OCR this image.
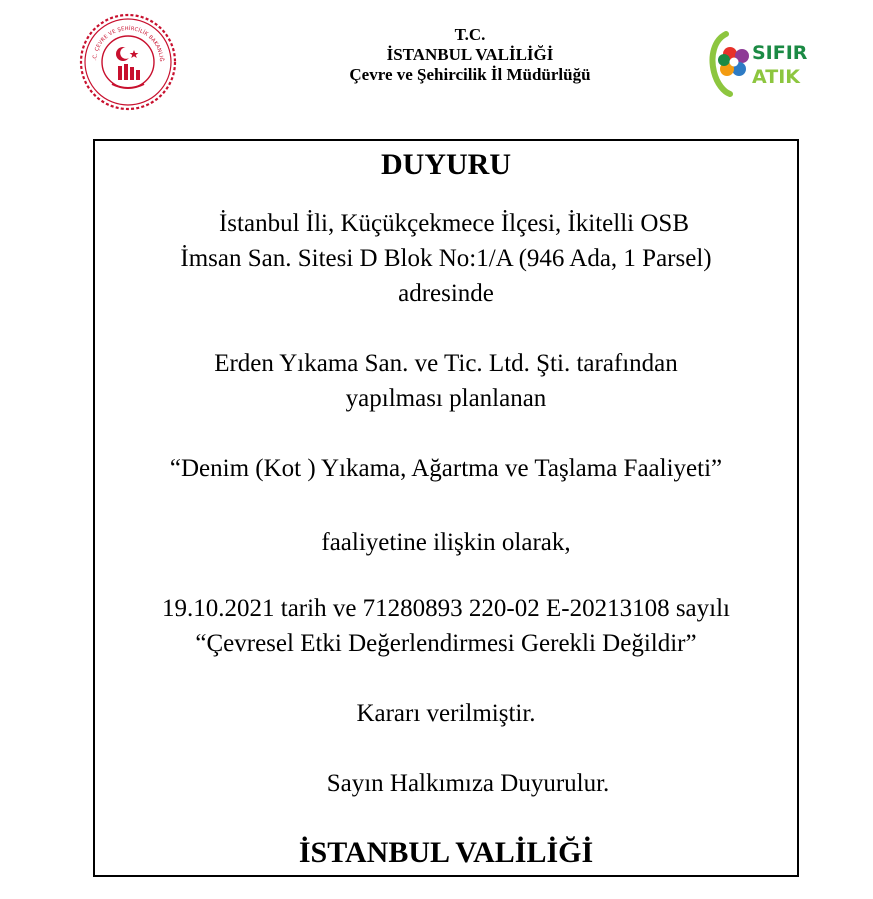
.C. ÇEVRE VE ŞEHİRCİLİK BAKANLIĞ
T.C.
İSTANBUL VALİLİĞİ
Çevre ve Şehircilik İl Müdürlüğü
SIFIR
ATIK
DUYURU
İstanbul İli, Küçükçekmece İlçesi, İkitelli OSB
İmsan San. Sitesi D Blok No:1/A (946 Ada, 1 Parsel)
adresinde
Erden Yıkama San. ve Tic. Ltd. Şti. tarafından
yapılması planlanan
“Denim (Kot ) Yıkama, Ağartma ve Taşlama Faaliyeti”
faaliyetine ilişkin olarak,
19.10.2021 tarih ve 71280893 220-02 E-20213108 sayılı
“Çevresel Etki Değerlendirmesi Gerekli Değildir”
Kararı verilmiştir.
Sayın Halkımıza Duyurulur.
İSTANBUL VALİLİĞİ
